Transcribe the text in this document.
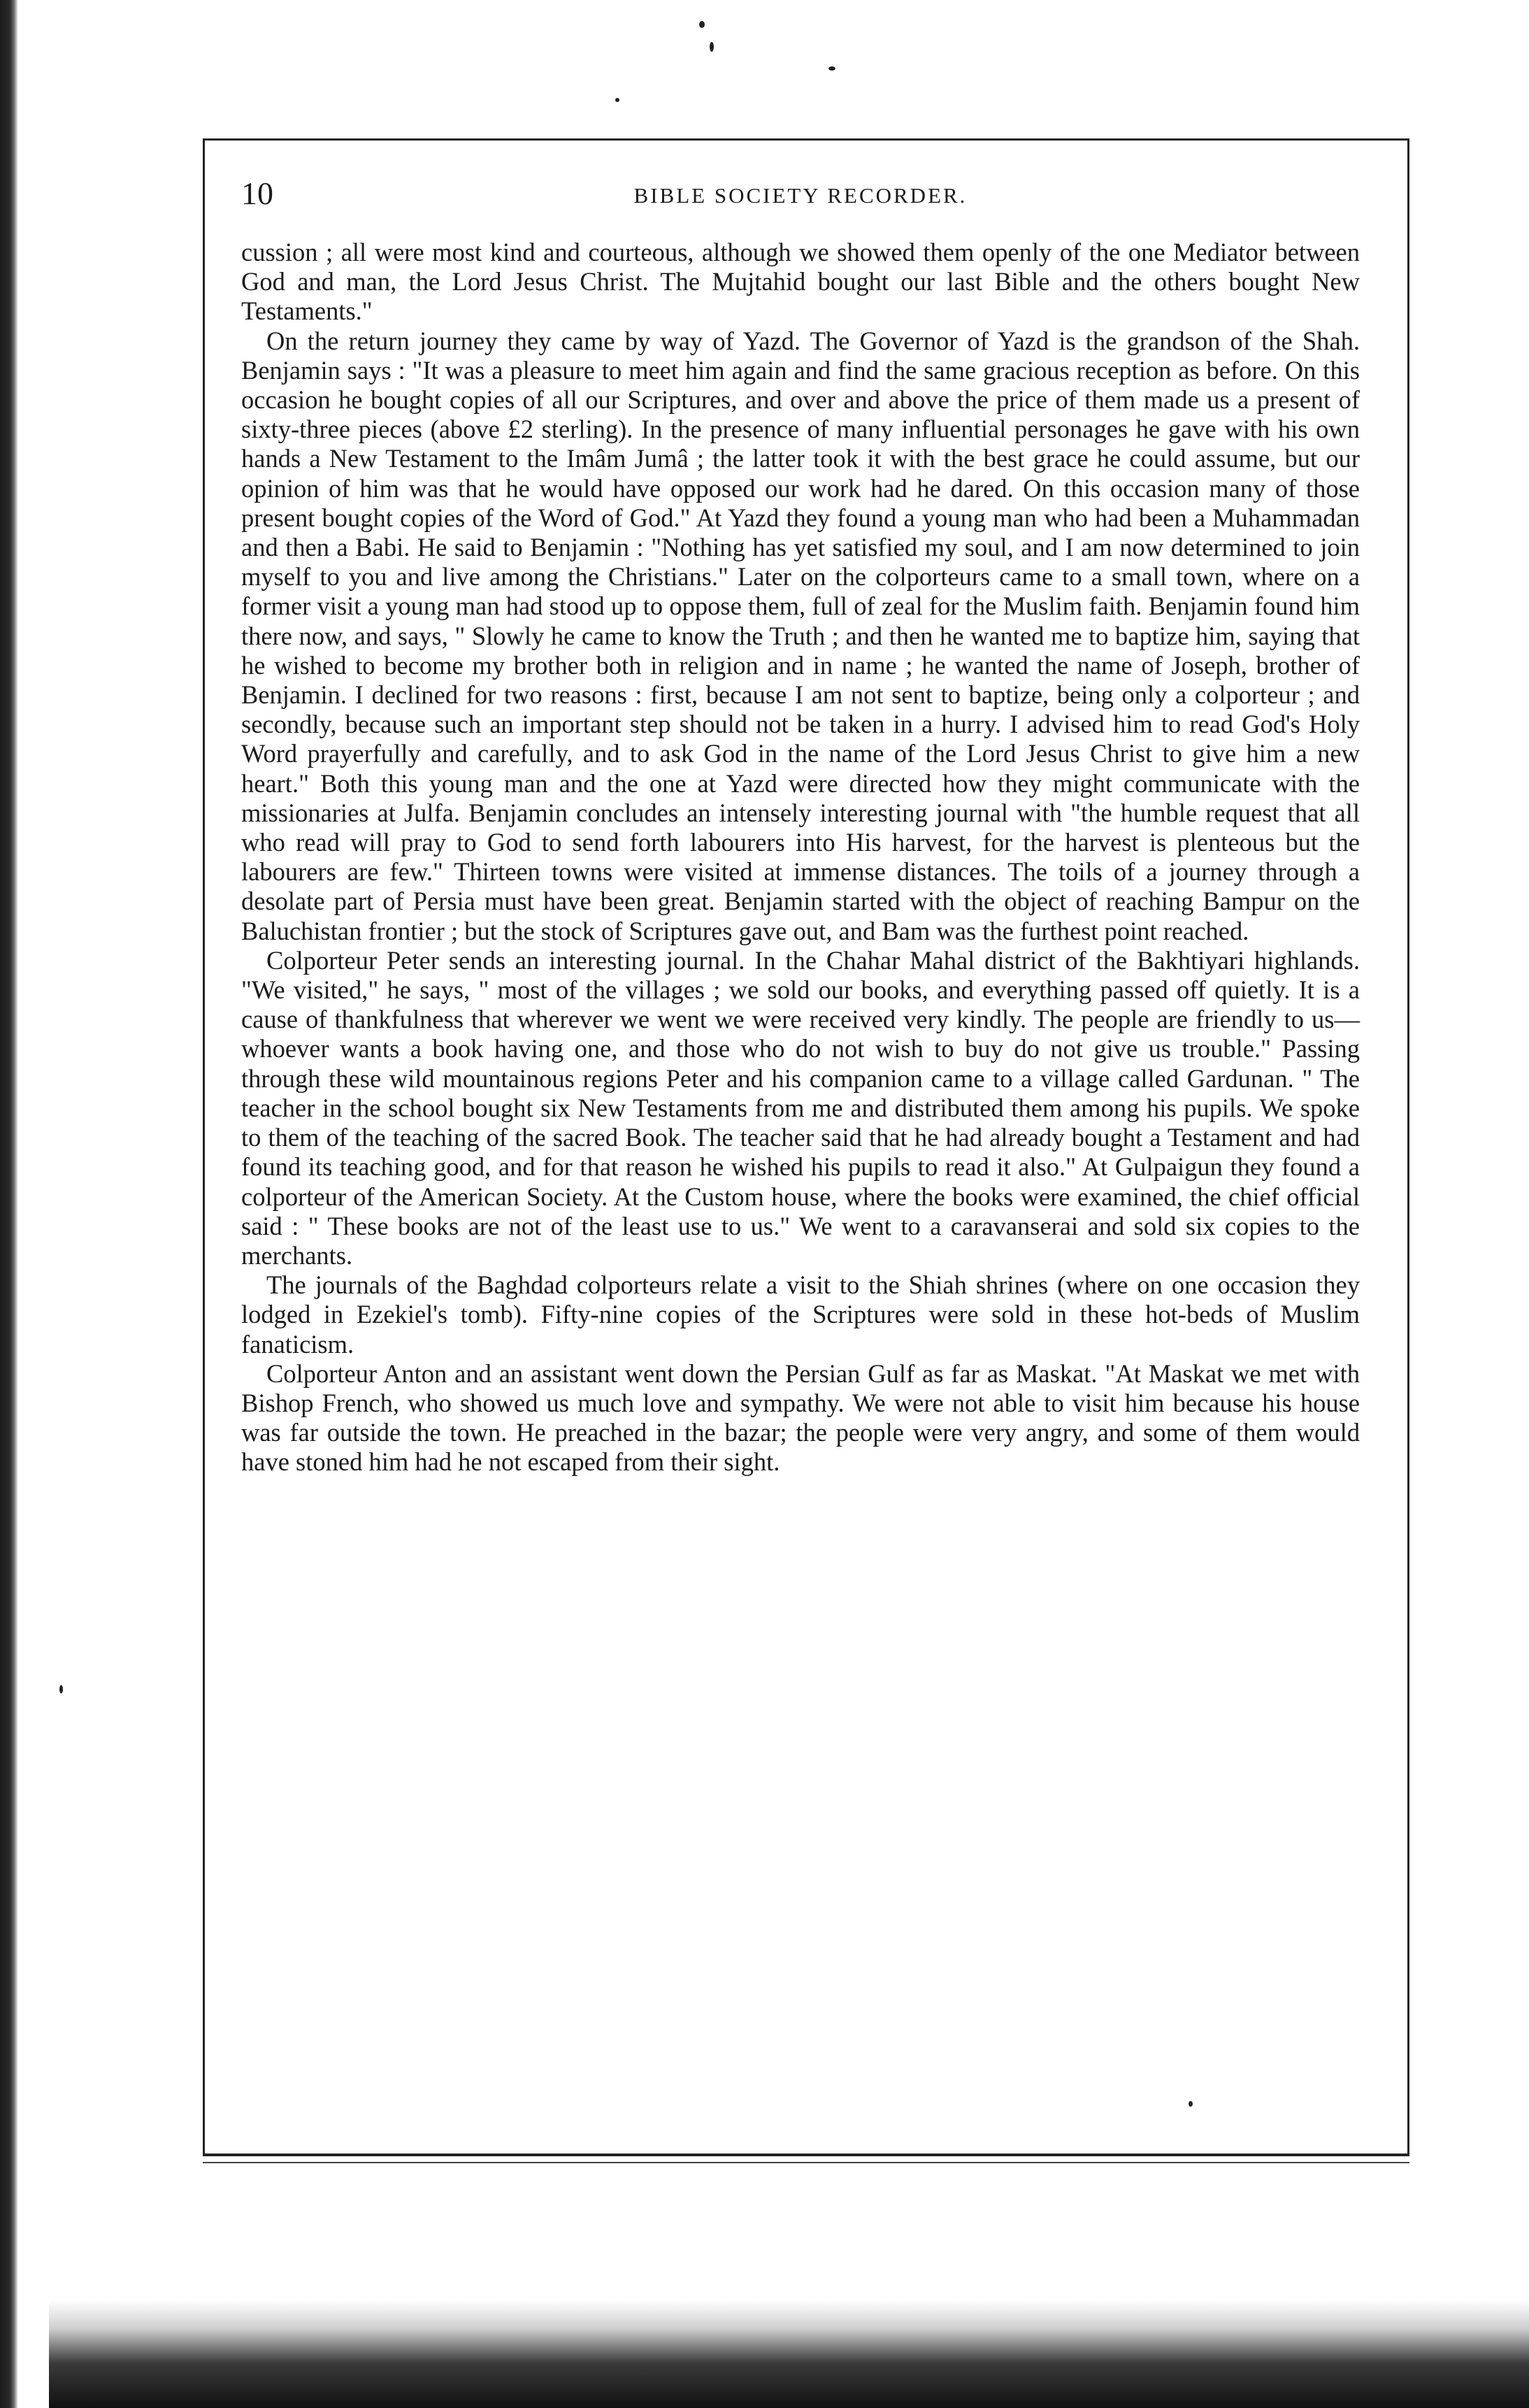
10	BIBLE SOCIETY RECORDER.

cussion ; all were most kind and courteous, although we showed them openly of the one Mediator between God and man, the Lord Jesus Christ. The Mujtahid bought our last Bible and the others bought New Testaments."

On the return journey they came by way of Yazd. The Governor of Yazd is the grandson of the Shah. Benjamin says : "It was a pleasure to meet him again and find the same gracious reception as before. On this occasion he bought copies of all our Scriptures, and over and above the price of them made us a present of sixty-three pieces (above £2 sterling). In the presence of many influential personages he gave with his own hands a New Testament to the Imâm Jumâ ; the latter took it with the best grace he could assume, but our opinion of him was that he would have opposed our work had he dared. On this occasion many of those present bought copies of the Word of God." At Yazd they found a young man who had been a Muhammadan and then a Babi. He said to Benjamin : "Nothing has yet satisfied my soul, and I am now determined to join myself to you and live among the Christians." Later on the colporteurs came to a small town, where on a former visit a young man had stood up to oppose them, full of zeal for the Muslim faith. Benjamin found him there now, and says, " Slowly he came to know the Truth ; and then he wanted me to baptize him, saying that he wished to become my brother both in religion and in name ; he wanted the name of Joseph, brother of Benjamin. I declined for two reasons : first, because I am not sent to baptize, being only a colporteur ; and secondly, because such an important step should not be taken in a hurry. I advised him to read God's Holy Word prayerfully and carefully, and to ask God in the name of the Lord Jesus Christ to give him a new heart." Both this young man and the one at Yazd were directed how they might communicate with the missionaries at Julfa. Benjamin concludes an intensely interesting journal with "the humble request that all who read will pray to God to send forth labourers into His harvest, for the harvest is plenteous but the labourers are few." Thirteen towns were visited at immense distances. The toils of a journey through a desolate part of Persia must have been great. Benjamin started with the object of reaching Bampur on the Baluchistan frontier ; but the stock of Scriptures gave out, and Bam was the furthest point reached.

Colporteur Peter sends an interesting journal. In the Chahar Mahal district of the Bakhtiyari highlands. "We visited," he says, " most of the villages ; we sold our books, and everything passed off quietly. It is a cause of thankfulness that wherever we went we were received very kindly. The people are friendly to us—whoever wants a book having one, and those who do not wish to buy do not give us trouble." Passing through these wild mountainous regions Peter and his companion came to a village called Gardunan. " The teacher in the school bought six New Testaments from me and distributed them among his pupils. We spoke to them of the teaching of the sacred Book. The teacher said that he had already bought a Testament and had found its teaching good, and for that reason he wished his pupils to read it also." At Gulpaigun they found a colporteur of the American Society. At the Custom house, where the books were examined, the chief official said : " These books are not of the least use to us." We went to a caravanserai and sold six copies to the merchants.

The journals of the Baghdad colporteurs relate a visit to the Shiah shrines (where on one occasion they lodged in Ezekiel's tomb). Fifty-nine copies of the Scriptures were sold in these hot-beds of Muslim fanaticism.

Colporteur Anton and an assistant went down the Persian Gulf as far as Maskat. "At Maskat we met with Bishop French, who showed us much love and sympathy. We were not able to visit him because his house was far outside the town. He preached in the bazar; the people were very angry, and some of them would have stoned him had he not escaped from their sight.
